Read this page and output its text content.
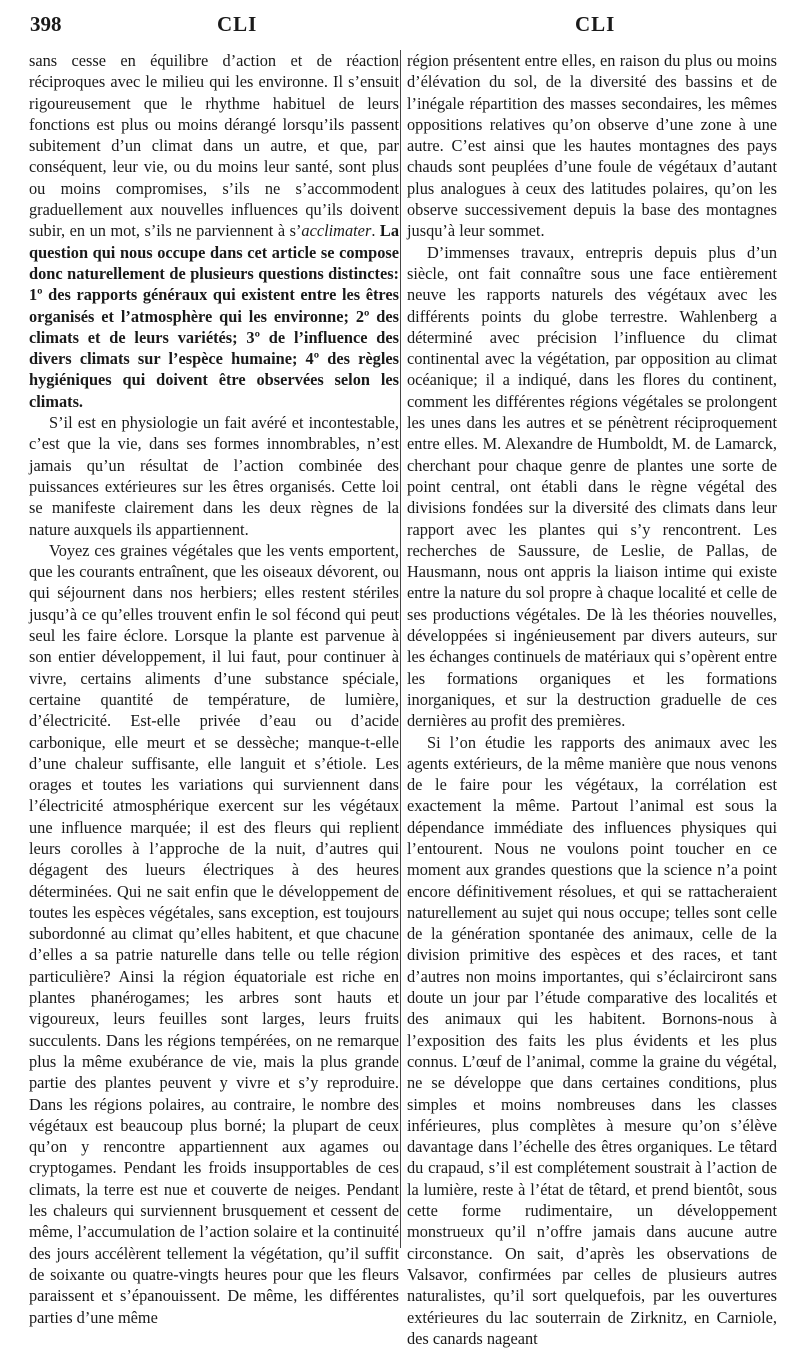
398	CLI	CLI

sans cesse en équilibre d’action et de réaction réciproques avec le milieu qui les environne. Il s’ensuit rigoureusement que le rhythme habituel de leurs fonctions est plus ou moins dérangé lorsqu’ils passent subitement d’un climat dans un autre, et que, par conséquent, leur vie, ou du moins leur santé, sont plus ou moins compromises, s’ils ne s’accommodent graduellement aux nouvelles influences qu’ils doivent subir, en un mot, s’ils ne parviennent à s’acclimater. La question qui nous occupe dans cet article se compose donc naturellement de plusieurs questions distinctes: 1º des rapports généraux qui existent entre les êtres organisés et l’atmosphère qui les environne; 2º des climats et de leurs variétés; 3º de l’influence des divers climats sur l’espèce humaine; 4º des règles hygiéniques qui doivent être observées selon les climats.

S’il est en physiologie un fait avéré et incontestable, c’est que la vie, dans ses formes innombrables, n’est jamais qu’un résultat de l’action combinée des puissances extérieures sur les êtres organisés. Cette loi se manifeste clairement dans les deux règnes de la nature auxquels ils appartiennent.

Voyez ces graines végétales que les vents emportent, que les courants entraînent, que les oiseaux dévorent, ou qui séjournent dans nos herbiers; elles restent stériles jusqu’à ce qu’elles trouvent enfin le sol fécond qui peut seul les faire éclore. Lorsque la plante est parvenue à son entier développement, il lui faut, pour continuer à vivre, certains aliments d’une substance spéciale, certaine quantité de température, de lumière, d’électricité. Est-elle privée d’eau ou d’acide carbonique, elle meurt et se dessèche; manque-t-elle d’une chaleur suffisante, elle languit et s’étiole. Les orages et toutes les variations qui surviennent dans l’électricité atmosphérique exercent sur les végétaux une influence marquée; il est des fleurs qui replient leurs corolles à l’approche de la nuit, d’autres qui dégagent des lueurs électriques à des heures déterminées. Qui ne sait enfin que le développement de toutes les espèces végétales, sans exception, est toujours subordonné au climat qu’elles habitent, et que chacune d’elles a sa patrie naturelle dans telle ou telle région particulière? Ainsi la région équatoriale est riche en plantes phanérogames; les arbres sont hauts et vigoureux, leurs feuilles sont larges, leurs fruits succulents. Dans les régions tempérées, on ne remarque plus la même exubérance de vie, mais la plus grande partie des plantes peuvent y vivre et s’y reproduire. Dans les régions polaires, au contraire, le nombre des végétaux est beaucoup plus borné; la plupart de ceux qu’on y rencontre appartiennent aux agames ou cryptogames. Pendant les froids insupportables de ces climats, la terre est nue et couverte de neiges. Pendant les chaleurs qui surviennent brusquement et cessent de même, l’accumulation de l’action solaire et la continuité des jours accélèrent tellement la végétation, qu’il suffit de soixante ou quatre-vingts heures pour que les fleurs paraissent et s’épanouissent. De même, les différentes parties d’une même

région présentent entre elles, en raison du plus ou moins d’élévation du sol, de la diversité des bassins et de l’inégale répartition des masses secondaires, les mêmes oppositions relatives qu’on observe d’une zone à une autre. C’est ainsi que les hautes montagnes des pays chauds sont peuplées d’une foule de végétaux d’autant plus analogues à ceux des latitudes polaires, qu’on les observe successivement depuis la base des montagnes jusqu’à leur sommet.

D’immenses travaux, entrepris depuis plus d’un siècle, ont fait connaître sous une face entièrement neuve les rapports naturels des végétaux avec les différents points du globe terrestre. Wahlenberg a déterminé avec précision l’influence du climat continental avec la végétation, par opposition au climat océanique; il a indiqué, dans les flores du continent, comment les différentes régions végétales se prolongent les unes dans les autres et se pénètrent réciproquement entre elles. M. Alexandre de Humboldt, M. de Lamarck, cherchant pour chaque genre de plantes une sorte de point central, ont établi dans le règne végétal des divisions fondées sur la diversité des climats dans leur rapport avec les plantes qui s’y rencontrent. Les recherches de Saussure, de Leslie, de Pallas, de Hausmann, nous ont appris la liaison intime qui existe entre la nature du sol propre à chaque localité et celle de ses productions végétales. De là les théories nouvelles, développées si ingénieusement par divers auteurs, sur les échanges continuels de matériaux qui s’opèrent entre les formations organiques et les formations inorganiques, et sur la destruction graduelle de ces dernières au profit des premières.

Si l’on étudie les rapports des animaux avec les agents extérieurs, de la même manière que nous venons de le faire pour les végétaux, la corrélation est exactement la même. Partout l’animal est sous la dépendance immédiate des influences physiques qui l’entourent. Nous ne voulons point toucher en ce moment aux grandes questions que la science n’a point encore définitivement résolues, et qui se rattacheraient naturellement au sujet qui nous occupe; telles sont celle de la génération spontanée des animaux, celle de la division primitive des espèces et des races, et tant d’autres non moins importantes, qui s’éclairciront sans doute un jour par l’étude comparative des localités et des animaux qui les habitent. Bornons-nous à l’exposition des faits les plus évidents et les plus connus. L’œuf de l’animal, comme la graine du végétal, ne se développe que dans certaines conditions, plus simples et moins nombreuses dans les classes inférieures, plus complètes à mesure qu’on s’élève davantage dans l’échelle des êtres organiques. Le têtard du crapaud, s’il est complétement soustrait à l’action de la lumière, reste à l’état de têtard, et prend bientôt, sous cette forme rudimentaire, un développement monstrueux qu’il n’offre jamais dans aucune autre circonstance. On sait, d’après les observations de Valsavor, confirmées par celles de plusieurs autres naturalistes, qu’il sort quelquefois, par les ouvertures extérieures du lac souterrain de Zirknitz, en Carniole, des canards nageant
